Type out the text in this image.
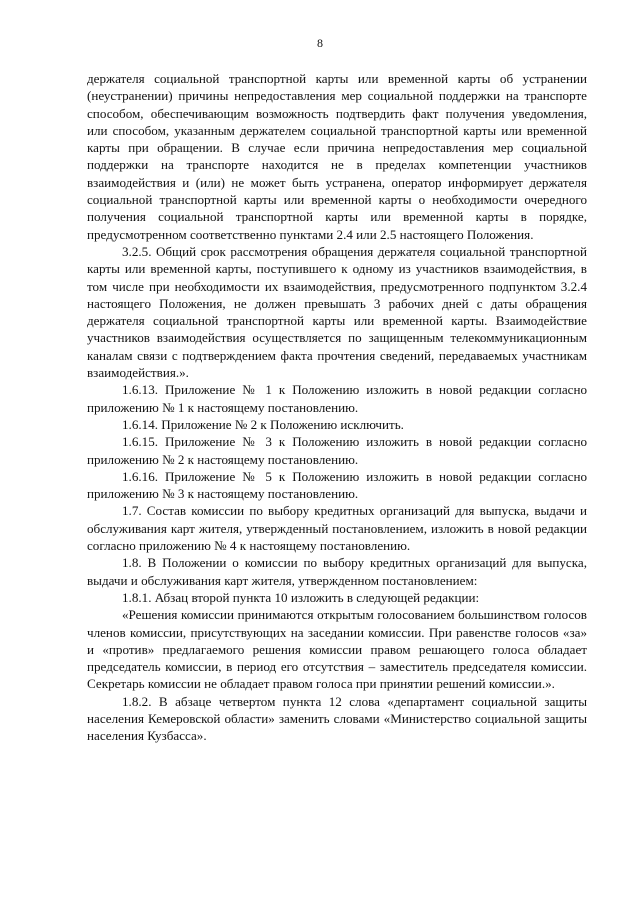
8

держателя социальной транспортной карты или временной карты об устранении (неустранении) причины непредоставления мер социальной поддержки на транспорте способом, обеспечивающим возможность подтвердить факт получения уведомления, или способом, указанным держателем социальной транспортной карты или временной карты при обращении. В случае если причина непредоставления мер социальной поддержки на транспорте находится не в пределах компетенции участников взаимодействия и (или) не может быть устранена, оператор информирует держателя социальной транспортной карты или временной карты о необходимости очередного получения социальной транспортной карты или временной карты в порядке, предусмотренном соответственно пунктами 2.4 или 2.5 настоящего Положения.

3.2.5. Общий срок рассмотрения обращения держателя социальной транспортной карты или временной карты, поступившего к одному из участников взаимодействия, в том числе при необходимости их взаимодействия, предусмотренного подпунктом 3.2.4 настоящего Положения, не должен превышать 3 рабочих дней с даты обращения держателя социальной транспортной карты или временной карты. Взаимодействие участников взаимодействия осуществляется по защищенным телекоммуникационным каналам связи с подтверждением факта прочтения сведений, передаваемых участникам взаимодействия.».

1.6.13. Приложение № 1 к Положению изложить в новой редакции согласно приложению № 1 к настоящему постановлению.

1.6.14. Приложение № 2 к Положению исключить.

1.6.15. Приложение № 3 к Положению изложить в новой редакции согласно приложению № 2 к настоящему постановлению.

1.6.16. Приложение № 5 к Положению изложить в новой редакции согласно приложению № 3 к настоящему постановлению.

1.7. Состав комиссии по выбору кредитных организаций для выпуска, выдачи и обслуживания карт жителя, утвержденный постановлением, изложить в новой редакции согласно приложению № 4 к настоящему постановлению.

1.8. В Положении о комиссии по выбору кредитных организаций для выпуска, выдачи и обслуживания карт жителя, утвержденном постановлением:

1.8.1. Абзац второй пункта 10 изложить в следующей редакции:

«Решения комиссии принимаются открытым голосованием большинством голосов членов комиссии, присутствующих на заседании комиссии. При равенстве голосов «за» и «против» предлагаемого решения комиссии правом решающего голоса обладает председатель комиссии, в период его отсутствия – заместитель председателя комиссии. Секретарь комиссии не обладает правом голоса при принятии решений комиссии.».

1.8.2. В абзаце четвертом пункта 12 слова «департамент социальной защиты населения Кемеровской области» заменить словами «Министерство социальной защиты населения Кузбасса».
